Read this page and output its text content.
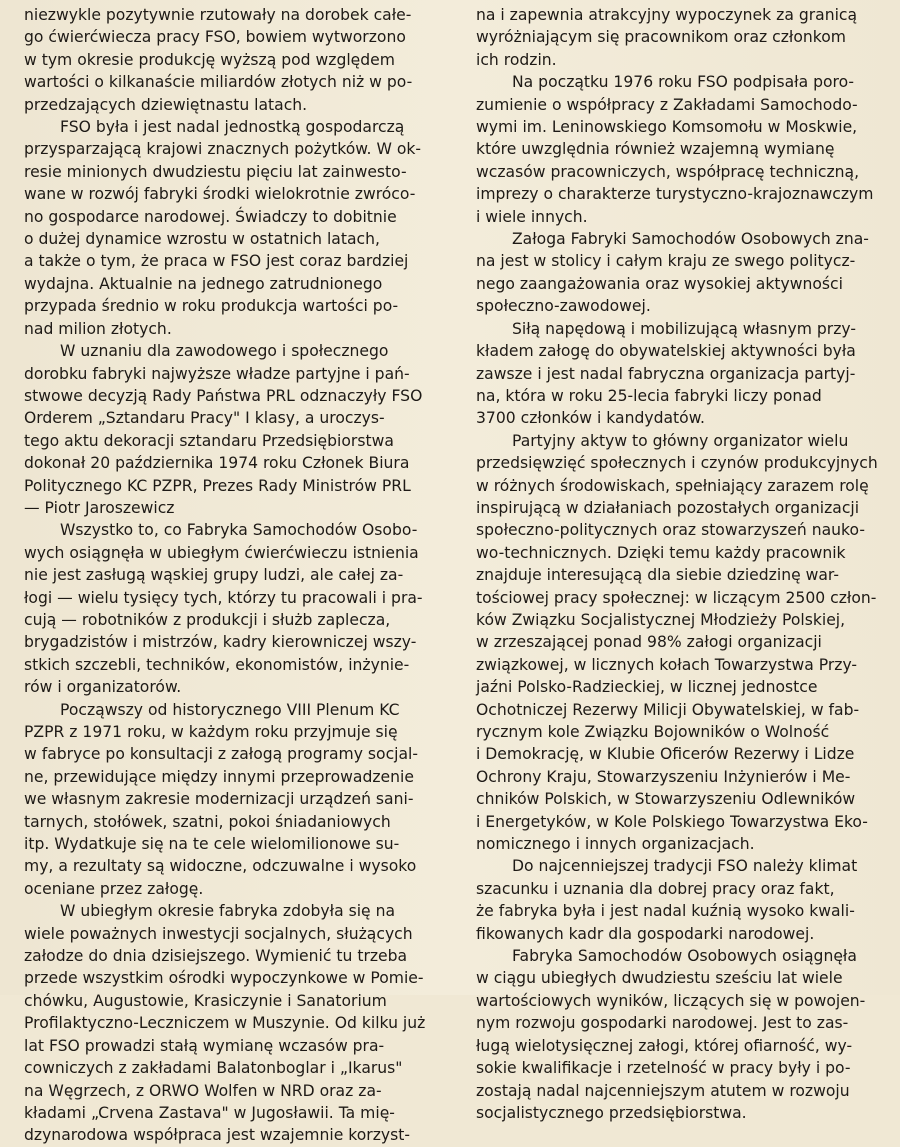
niezwykle pozytywnie rzutowały na dorobek całe-
go ćwierćwiecza pracy FSO, bowiem wytworzono
w tym okresie produkcję wyższą pod względem
wartości o kilkanaście miliardów złotych niż w po-
przedzających dziewiętnastu latach.

FSO była i jest nadal jednostką gospodarczą
przysparzającą krajowi znacznych pożytków. W ok-
resie minionych dwudziestu pięciu lat zainwesto-
wane w rozwój fabryki środki wielokrotnie zwróco-
no gospodarce narodowej. Świadczy to dobitnie
o dużej dynamice wzrostu w ostatnich latach,
a także o tym, że praca w FSO jest coraz bardziej
wydajna. Aktualnie na jednego zatrudnionego
przypada średnio w roku produkcja wartości po-
nad milion złotych.

W uznaniu dla zawodowego i społecznego
dorobku fabryki najwyższe władze partyjne i pań-
stwowe decyzją Rady Państwa PRL odznaczyły FSO
Orderem „Sztandaru Pracy" I klasy, a uroczys-
tego aktu dekoracji sztandaru Przedsiębiorstwa
dokonał 20 października 1974 roku Członek Biura
Politycznego KC PZPR, Prezes Rady Ministrów PRL
— Piotr Jaroszewicz

Wszystko to, co Fabryka Samochodów Osobo-
wych osiągnęła w ubiegłym ćwierćwieczu istnienia
nie jest zasługą wąskiej grupy ludzi, ale całej za-
łogi — wielu tysięcy tych, którzy tu pracowali i pra-
cują — robotników z produkcji i służb zaplecza,
brygadzistów i mistrzów, kadry kierowniczej wszy-
stkich szczebli, techników, ekonomistów, inżynie-
rów i organizatorów.

Począwszy od historycznego VIII Plenum KC
PZPR z 1971 roku, w każdym roku przyjmuje się
w fabryce po konsultacji z załogą programy socjal-
ne, przewidujące między innymi przeprowadzenie
we własnym zakresie modernizacji urządzeń sani-
tarnych, stołówek, szatni, pokoi śniadaniowych
itp. Wydatkuje się na te cele wielomilionowe su-
my, a rezultaty są widoczne, odczuwalne i wysoko
oceniane przez załogę.

W ubiegłym okresie fabryka zdobyła się na
wiele poważnych inwestycji socjalnych, służących
załodze do dnia dzisiejszego. Wymienić tu trzeba
przede wszystkim ośrodki wypoczynkowe w Pomie-
chówku, Augustowie, Krasiczynie i Sanatorium
Profilaktyczno-Leczniczem w Muszynie. Od kilku już
lat FSO prowadzi stałą wymianę wczasów pra-
cowniczych z zakładami Balatonboglar i „Ikarus"
na Węgrzech, z ORWO Wolfen w NRD oraz za-
kładami „Crvena Zastava" w Jugosławii. Ta mię-
dzynarodowa współpraca jest wzajemnie korzyst-

na i zapewnia atrakcyjny wypoczynek za granicą
wyróżniającym się pracownikom oraz członkom
ich rodzin.

Na początku 1976 roku FSO podpisała poro-
zumienie o współpracy z Zakładami Samochodo-
wymi im. Leninowskiego Komsomołu w Moskwie,
które uwzględnia również wzajemną wymianę
wczasów pracowniczych, współpracę techniczną,
imprezy o charakterze turystyczno-krajoznawczym
i wiele innych.

Załoga Fabryki Samochodów Osobowych zna-
na jest w stolicy i całym kraju ze swego politycz-
nego zaangażowania oraz wysokiej aktywności
społeczno-zawodowej.

Siłą napędową i mobilizującą własnym przy-
kładem załogę do obywatelskiej aktywności była
zawsze i jest nadal fabryczna organizacja partyj-
na, która w roku 25-lecia fabryki liczy ponad
3700 członków i kandydatów.

Partyjny aktyw to główny organizator wielu
przedsięwzięć społecznych i czynów produkcyjnych
w różnych środowiskach, spełniający zarazem rolę
inspirującą w działaniach pozostałych organizacji
społeczno-politycznych oraz stowarzyszeń nauko-
wo-technicznych. Dzięki temu każdy pracownik
znajduje interesującą dla siebie dziedzinę war-
tościowej pracy społecznej: w liczącym 2500 człon-
ków Związku Socjalistycznej Młodzieży Polskiej,
w zrzeszającej ponad 98% załogi organizacji
związkowej, w licznych kołach Towarzystwa Przy-
jaźni Polsko-Radzieckiej, w licznej jednostce
Ochotniczej Rezerwy Milicji Obywatelskiej, w fab-
rycznym kole Związku Bojowników o Wolność
i Demokrację, w Klubie Oficerów Rezerwy i Lidze
Ochrony Kraju, Stowarzyszeniu Inżynierów i Me-
chników Polskich, w Stowarzyszeniu Odlewników
i Energetyków, w Kole Polskiego Towarzystwa Eko-
nomicznego i innych organizacjach.

Do najcenniejszej tradycji FSO należy klimat
szacunku i uznania dla dobrej pracy oraz fakt,
że fabryka była i jest nadal kuźnią wysoko kwali-
fikowanych kadr dla gospodarki narodowej.

Fabryka Samochodów Osobowych osiągnęła
w ciągu ubiegłych dwudziestu sześciu lat wiele
wartościowych wyników, liczących się w powojen-
nym rozwoju gospodarki narodowej. Jest to zas-
ługą wielotysięcznej załogi, której ofiarność, wy-
sokie kwalifikacje i rzetelność w pracy były i po-
zostają nadal najcenniejszym atutem w rozwoju
socjalistycznego przedsiębiorstwa.
